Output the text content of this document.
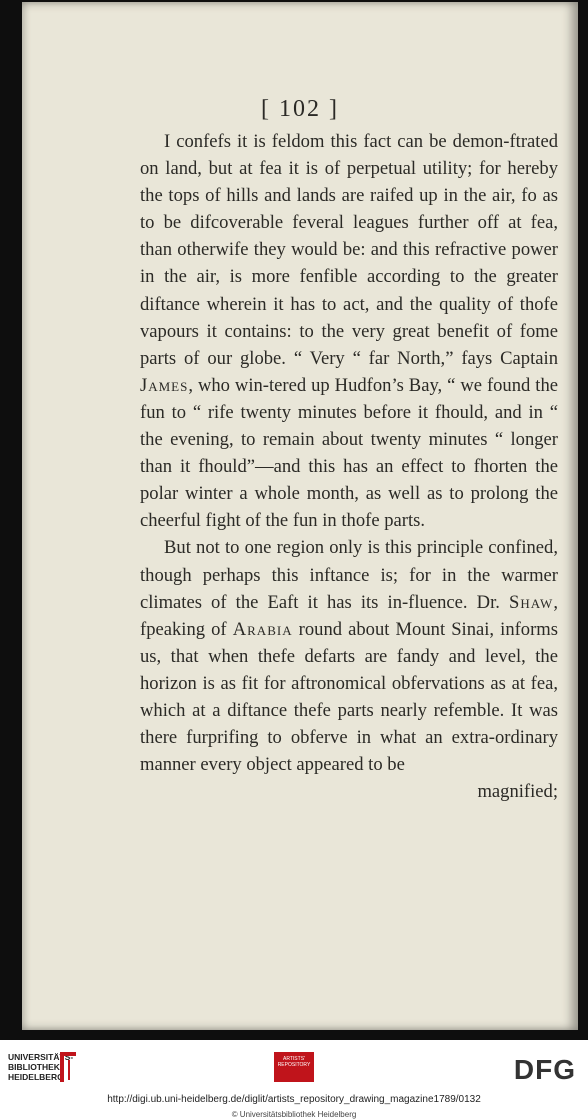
[ 102 ]

I confefs it is feldom this fact can be demon-ftrated on land, but at fea it is of perpetual utility; for hereby the tops of hills and lands are raifed up in the air, fo as to be difcoverable feveral leagues further off at fea, than otherwife they would be: and this refractive power in the air, is more fenfible according to the greater diftance wherein it has to act, and the quality of thofe vapours it contains: to the very great benefit of fome parts of our globe. “ Very “ far North,” fays Captain James, who win-tered up Hudfon’s Bay, “ we found the fun to “ rife twenty minutes before it fhould, and in “ the evening, to remain about twenty minutes “ longer than it fhould”—and this has an effect to fhorten the polar winter a whole month, as well as to prolong the cheerful fight of the fun in thofe parts.

But not to one region only is this principle confined, though perhaps this inftance is; for in the warmer climates of the Eaft it has its in-fluence. Dr. Shaw, fpeaking of Arabia round about Mount Sinai, informs us, that when thefe defarts are fandy and level, the horizon is as fit for aftronomical obfervations as at fea, which at a diftance thefe parts nearly refemble. It was there furprifing to obferve in what an extra-ordinary manner every object appeared to be

magnified;
UNIVERSITÄTS-
BIBLIOTHEK
HEIDELBERG
ARTISTS' REPOSITORY	DFG
http://digi.ub.uni-heidelberg.de/diglit/artists_repository_drawing_magazine1789/0132
© Universitätsbibliothek Heidelberg
